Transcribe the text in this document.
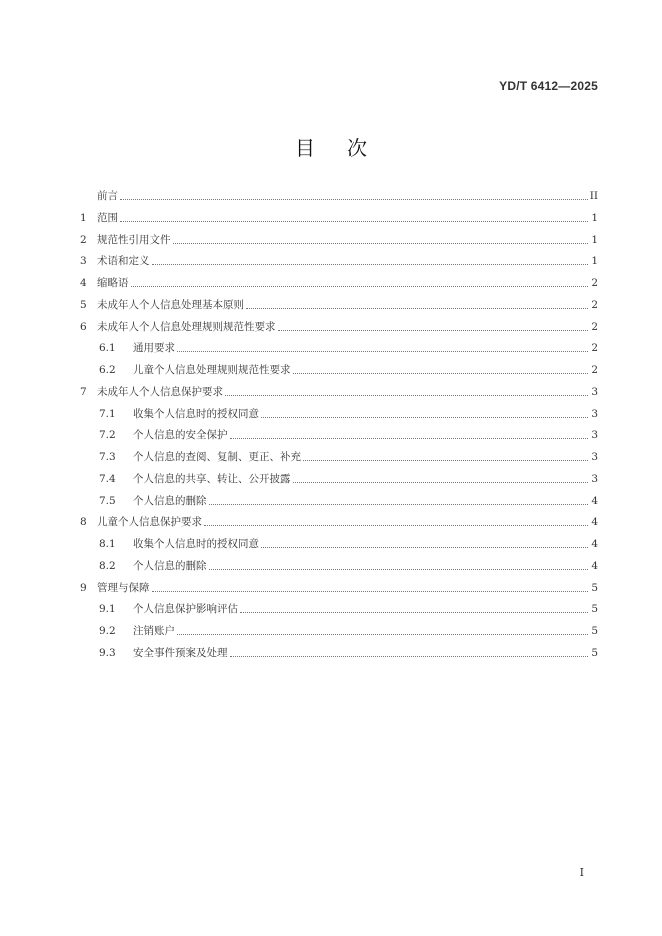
YD/T 6412—2025
目 次
前言	II
1 范围	1
2 规范性引用文件	1
3 术语和定义	1
4 缩略语	2
5 未成年人个人信息处理基本原则	2
6 未成年人个人信息处理规则规范性要求	2
6.1	通用要求	2
6.2	儿童个人信息处理规则规范性要求	2
7 未成年人个人信息保护要求	3
7.1	收集个人信息时的授权同意	3
7.2	个人信息的安全保护	3
7.3	个人信息的查阅、复制、更正、补充	3
7.4	个人信息的共享、转让、公开披露	3
7.5	个人信息的删除	4
8 儿童个人信息保护要求	4
8.1	收集个人信息时的授权同意	4
8.2	个人信息的删除	4
9 管理与保障	5
9.1	个人信息保护影响评估	5
9.2	注销账户	5
9.3	安全事件预案及处理	5
I
